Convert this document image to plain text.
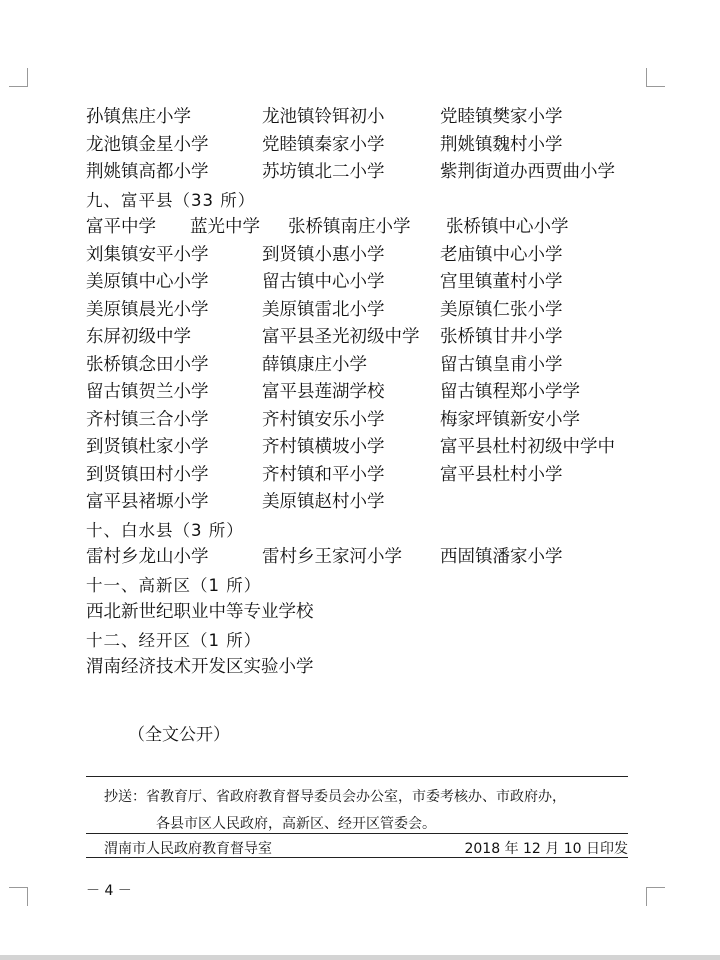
孙镇焦庄小学	龙池镇铃铒初小	党睦镇樊家小学
龙池镇金星小学	党睦镇秦家小学	荆姚镇魏村小学
荆姚镇高都小学	苏坊镇北二小学	紫荆街道办西贾曲小学
九、富平县（33 所）
富平中学 蓝光中学 张桥镇南庄小学 张桥镇中心小学
刘集镇安平小学	到贤镇小惠小学	老庙镇中心小学
美原镇中心小学	留古镇中心小学	宫里镇董村小学
美原镇晨光小学	美原镇雷北小学	美原镇仁张小学
东屏初级中学	富平县圣光初级中学 张桥镇甘井小学
张桥镇念田小学	薛镇康庄小学	留古镇皇甫小学
留古镇贺兰小学	富平县莲湖学校	留古镇程郑小学学
齐村镇三合小学	齐村镇安乐小学	梅家坪镇新安小学
到贤镇杜家小学	齐村镇横坡小学	富平县杜村初级中学中
到贤镇田村小学	齐村镇和平小学	富平县杜村小学
富平县褚塬小学	美原镇赵村小学
十、白水县（3 所）
雷村乡龙山小学	雷村乡王家河小学 西固镇潘家小学
十一、高新区（1 所）
西北新世纪职业中等专业学校
十二、经开区（1 所）
渭南经济技术开发区实验小学
（全文公开）
抄送：省教育厅、省政府教育督导委员会办公室，市委考核办、市政府办，
各县市区人民政府，高新区、经开区管委会。
渭南市人民政府教育督导室	2018 年 12 月 10 日印发
－ 4 －
